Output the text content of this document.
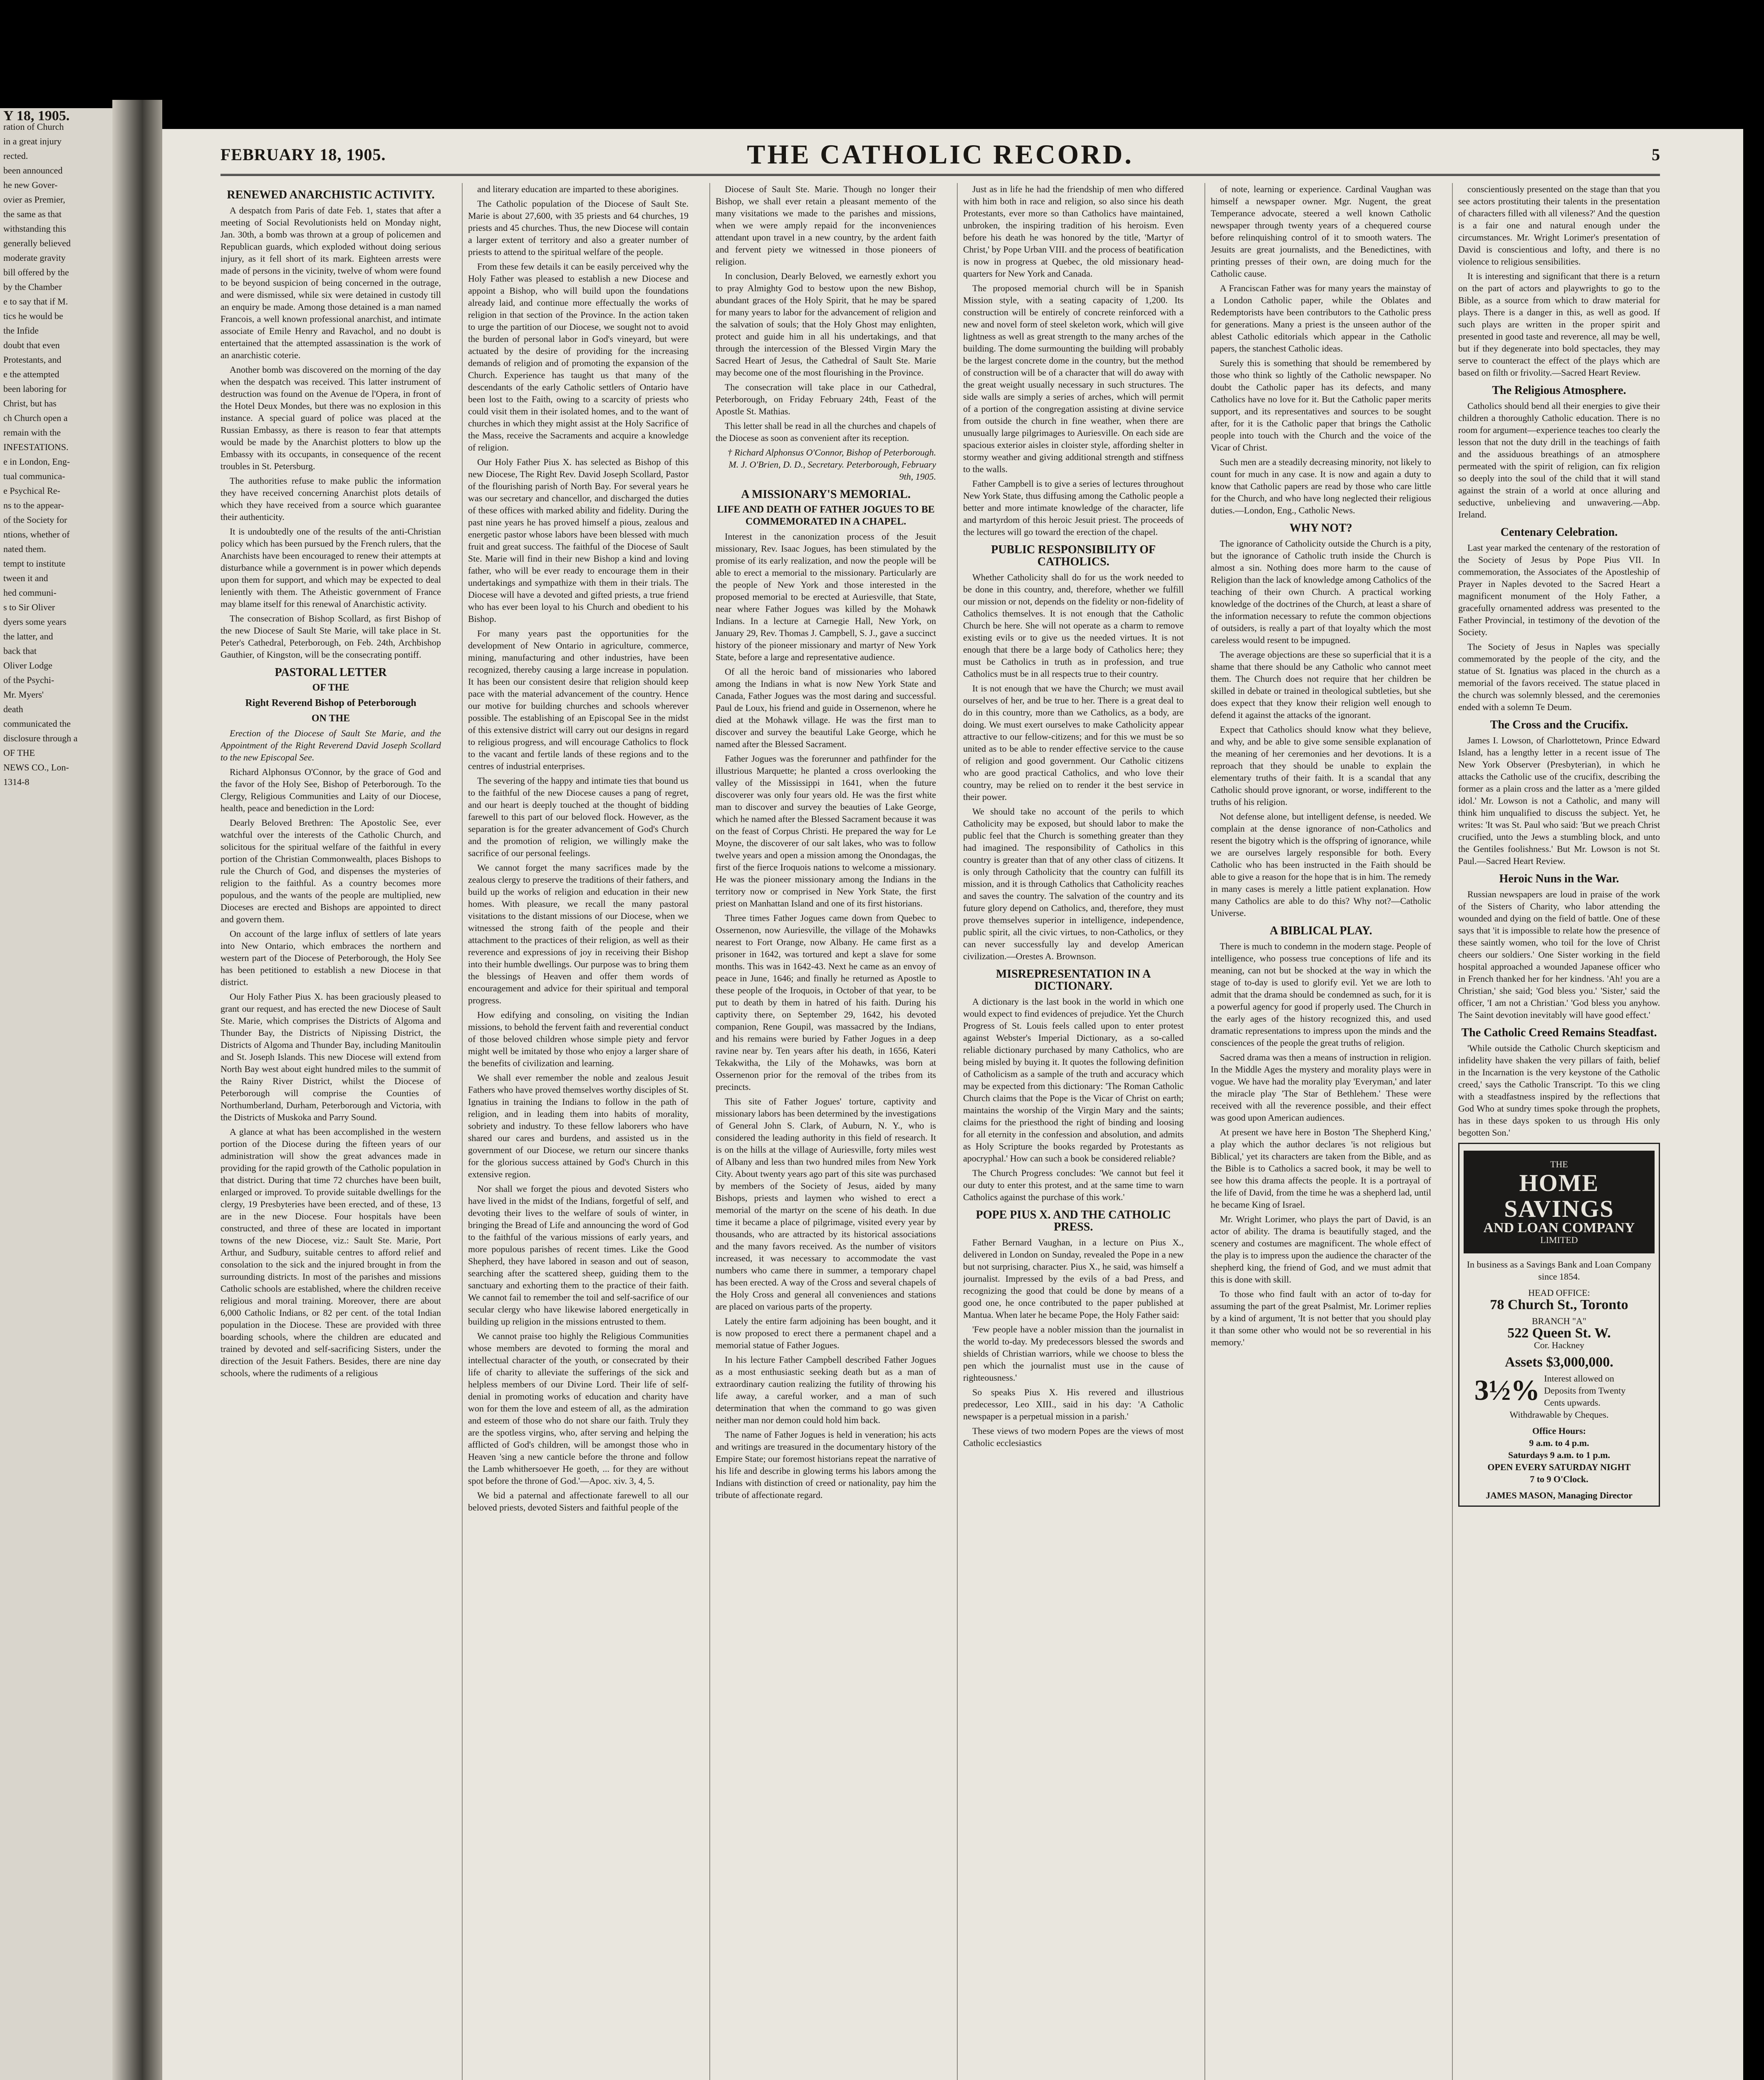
Y 18, 1905.

ration of Church

in a great injury

rected.

been announced

he new Gover-

ovier as Premier,

the same as that

withstanding this

generally believed

moderate gravity

bill offered by the

by the Chamber

e to say that if M.

tics he would be

the Infide

doubt that even

Protestants, and

e the attempted

been laboring for

Christ, but has

ch Church open a

remain with the

INFESTATIONS.

e in London, Eng-

tual communica-

e Psychical Re-

ns to the appear-

of the Society for

ntions, whether of

nated them.

tempt to institute

tween it and

hed communi-

s to Sir Oliver

dyers some years

the latter, and

back that

Oliver Lodge

of the Psychi-

Mr. Myers'

death

communicated the

disclosure through a

OF THE

NEWS CO., Lon-

1314-8

FEBRUARY 18, 1905.	THE CATHOLIC RECORD.	5
RENEWED ANARCHISTIC ACTIVITY.

A despatch from Paris of date Feb. 1, states that after a meeting of Social Revolutionists held on Monday night, Jan. 30th, a bomb was thrown at a group of policemen and Republican guards, which exploded without doing serious injury, as it fell short of its mark. Eighteen arrests were made of persons in the vicinity, twelve of whom were found to be beyond suspicion of being concerned in the outrage, and were dismissed, while six were detained in custody till an enquiry be made. Among those detained is a man named Francois, a well known professional anarchist, and intimate associate of Emile Henry and Ravachol, and no doubt is entertained that the attempted assassination is the work of an anarchistic coterie.

Another bomb was discovered on the morning of the day when the despatch was received. This latter instrument of destruction was found on the Avenue de l'Opera, in front of the Hotel Deux Mondes, but there was no explosion in this instance. A special guard of police was placed at the Russian Embassy, as there is reason to fear that attempts would be made by the Anarchist plotters to blow up the Embassy with its occupants, in consequence of the recent troubles in St. Petersburg.

The authorities refuse to make public the information they have received concerning Anarchist plots details of which they have received from a source which guarantee their authenticity.

It is undoubtedly one of the results of the anti-Christian policy which has been pursued by the French rulers, that the Anarchists have been encouraged to renew their attempts at disturbance while a government is in power which depends upon them for support, and which may be expected to deal leniently with them. The Atheistic government of France may blame itself for this renewal of Anarchistic activity.

The consecration of Bishop Scollard, as first Bishop of the new Diocese of Sault Ste Marie, will take place in St. Peter's Cathedral, Peterborough, on Feb. 24th, Archbishop Gauthier, of Kingston, will be the consecrating pontiff.

PASTORAL LETTER
OF THE
Right Reverend Bishop of Peterborough
ON THE

Erection of the Diocese of Sault Ste Marie, and the Appointment of the Right Reverend David Joseph Scollard to the new Episcopal See.

Richard Alphonsus O'Connor, by the grace of God and the favor of the Holy See, Bishop of Peterborough. To the Clergy, Religious Communities and Laity of our Diocese, health, peace and benediction in the Lord:

Dearly Beloved Brethren: The Apostolic See, ever watchful over the interests of the Catholic Church, and solicitous for the spiritual welfare of the faithful in every portion of the Christian Commonwealth, places Bishops to rule the Church of God, and dispenses the mysteries of religion to the faithful. As a country becomes more populous, and the wants of the people are multiplied, new Dioceses are erected and Bishops are appointed to direct and govern them.

On account of the large influx of settlers of late years into New Ontario, which embraces the northern and western part of the Diocese of Peterborough, the Holy See has been petitioned to establish a new Diocese in that district.

Our Holy Father Pius X. has been graciously pleased to grant our request, and has erected the new Diocese of Sault Ste. Marie, which comprises the Districts of Algoma and Thunder Bay, the Districts of Nipissing District, the Districts of Algoma and Thunder Bay, including Manitoulin and St. Joseph Islands. This new Diocese will extend from North Bay west about eight hundred miles to the summit of the Rainy River District, whilst the Diocese of Peterborough will comprise the Counties of Northumberland, Durham, Peterborough and Victoria, with the Districts of Muskoka and Parry Sound.

A glance at what has been accomplished in the western portion of the Diocese during the fifteen years of our administration will show the great advances made in providing for the rapid growth of the Catholic population in that district. During that time 72 churches have been built, enlarged or improved. To provide suitable dwellings for the clergy, 19 Presbyteries have been erected, and of these, 13 are in the new Diocese. Four hospitals have been constructed, and three of these are located in important towns of the new Diocese, viz.: Sault Ste. Marie, Port Arthur, and Sudbury, suitable centres to afford relief and consolation to the sick and the injured brought in from the surrounding districts. In most of the parishes and missions Catholic schools are established, where the children receive religious and moral training. Moreover, there are about 6,000 Catholic Indians, or 82 per cent. of the total Indian population in the Diocese. These are provided with three boarding schools, where the children are educated and trained by devoted and self-sacrificing Sisters, under the direction of the Jesuit Fathers. Besides, there are nine day schools, where the rudiments of a religious

and literary education are imparted to these aborigines.

The Catholic population of the Diocese of Sault Ste. Marie is about 27,600, with 35 priests and 64 churches, 19 priests and 45 churches. Thus, the new Diocese will contain a larger extent of territory and also a greater number of priests to attend to the spiritual welfare of the people.

From these few details it can be easily perceived why the Holy Father was pleased to establish a new Diocese and appoint a Bishop, who will build upon the foundations already laid, and continue more effectually the works of religion in that section of the Province. In the action taken to urge the partition of our Diocese, we sought not to avoid the burden of personal labor in God's vineyard, but were actuated by the desire of providing for the increasing demands of religion and of promoting the expansion of the Church. Experience has taught us that many of the descendants of the early Catholic settlers of Ontario have been lost to the Faith, owing to a scarcity of priests who could visit them in their isolated homes, and to the want of churches in which they might assist at the Holy Sacrifice of the Mass, receive the Sacraments and acquire a knowledge of religion.

Our Holy Father Pius X. has selected as Bishop of this new Diocese, The Right Rev. David Joseph Scollard, Pastor of the flourishing parish of North Bay. For several years he was our secretary and chancellor, and discharged the duties of these offices with marked ability and fidelity. During the past nine years he has proved himself a pious, zealous and energetic pastor whose labors have been blessed with much fruit and great success. The faithful of the Diocese of Sault Ste. Marie will find in their new Bishop a kind and loving father, who will be ever ready to encourage them in their undertakings and sympathize with them in their trials. The Diocese will have a devoted and gifted priests, a true friend who has ever been loyal to his Church and obedient to his Bishop.

For many years past the opportunities for the development of New Ontario in agriculture, commerce, mining, manufacturing and other industries, have been recognized, thereby causing a large increase in population. It has been our consistent desire that religion should keep pace with the material advancement of the country. Hence our motive for building churches and schools wherever possible. The establishing of an Episcopal See in the midst of this extensive district will carry out our designs in regard to religious progress, and will encourage Catholics to flock to the vacant and fertile lands of these regions and to the centres of industrial enterprises.

The severing of the happy and intimate ties that bound us to the faithful of the new Diocese causes a pang of regret, and our heart is deeply touched at the thought of bidding farewell to this part of our beloved flock. However, as the separation is for the greater advancement of God's Church and the promotion of religion, we willingly make the sacrifice of our personal feelings.

We cannot forget the many sacrifices made by the zealous clergy to preserve the traditions of their fathers, and build up the works of religion and education in their new homes. With pleasure, we recall the many pastoral visitations to the distant missions of our Diocese, when we witnessed the strong faith of the people and their attachment to the practices of their religion, as well as their reverence and expressions of joy in receiving their Bishop into their humble dwellings. Our purpose was to bring them the blessings of Heaven and offer them words of encouragement and advice for their spiritual and temporal progress.

How edifying and consoling, on visiting the Indian missions, to behold the fervent faith and reverential conduct of those beloved children whose simple piety and fervor might well be imitated by those who enjoy a larger share of the benefits of civilization and learning.

We shall ever remember the noble and zealous Jesuit Fathers who have proved themselves worthy disciples of St. Ignatius in training the Indians to follow in the path of religion, and in leading them into habits of morality, sobriety and industry. To these fellow laborers who have shared our cares and burdens, and assisted us in the government of our Diocese, we return our sincere thanks for the glorious success attained by God's Church in this extensive region.

Nor shall we forget the pious and devoted Sisters who have lived in the midst of the Indians, forgetful of self, and devoting their lives to the welfare of souls of winter, in bringing the Bread of Life and announcing the word of God to the faithful of the various missions of early years, and more populous parishes of recent times. Like the Good Shepherd, they have labored in season and out of season, searching after the scattered sheep, guiding them to the sanctuary and exhorting them to the practice of their faith. We cannot fail to remember the toil and self-sacrifice of our secular clergy who have likewise labored energetically in building up religion in the missions entrusted to them.

We cannot praise too highly the Religious Communities whose members are devoted to forming the moral and intellectual character of the youth, or consecrated by their life of charity to alleviate the sufferings of the sick and helpless members of our Divine Lord. Their life of self-denial in promoting works of education and charity have won for them the love and esteem of all, as the admiration and esteem of those who do not share our faith. Truly they are the spotless virgins, who, after serving and helping the afflicted of God's children, will be amongst those who in Heaven 'sing a new canticle before the throne and follow the Lamb whithersoever He goeth, ... for they are without spot before the throne of God.'—Apoc. xiv. 3, 4, 5.

We bid a paternal and affectionate farewell to all our beloved priests, devoted Sisters and faithful people of the

Diocese of Sault Ste. Marie. Though no longer their Bishop, we shall ever retain a pleasant memento of the many visitations we made to the parishes and missions, when we were amply repaid for the inconveniences attendant upon travel in a new country, by the ardent faith and fervent piety we witnessed in those pioneers of religion.

In conclusion, Dearly Beloved, we earnestly exhort you to pray Almighty God to bestow upon the new Bishop, abundant graces of the Holy Spirit, that he may be spared for many years to labor for the advancement of religion and the salvation of souls; that the Holy Ghost may enlighten, protect and guide him in all his undertakings, and that through the intercession of the Blessed Virgin Mary the Sacred Heart of Jesus, the Cathedral of Sault Ste. Marie may become one of the most flourishing in the Province.

The consecration will take place in our Cathedral, Peterborough, on Friday February 24th, Feast of the Apostle St. Mathias.

This letter shall be read in all the churches and chapels of the Diocese as soon as convenient after its reception.

† Richard Alphonsus O'Connor, Bishop of Peterborough. M. J. O'Brien, D. D., Secretary. Peterborough, February 9th, 1905.

A MISSIONARY'S MEMORIAL.
LIFE AND DEATH OF FATHER JOGUES TO BE COMMEMORATED IN A CHAPEL.

Interest in the canonization process of the Jesuit missionary, Rev. Isaac Jogues, has been stimulated by the promise of its early realization, and now the people will be able to erect a memorial to the missionary. Particularly are the people of New York and those interested in the proposed memorial to be erected at Auriesville, that State, near where Father Jogues was killed by the Mohawk Indians. In a lecture at Carnegie Hall, New York, on January 29, Rev. Thomas J. Campbell, S. J., gave a succinct history of the pioneer missionary and martyr of New York State, before a large and representative audience.

Of all the heroic band of missionaries who labored among the Indians in what is now New York State and Canada, Father Jogues was the most daring and successful. Paul de Loux, his friend and guide in Ossernenon, where he died at the Mohawk village. He was the first man to discover and survey the beautiful Lake George, which he named after the Blessed Sacrament.

Father Jogues was the forerunner and pathfinder for the illustrious Marquette; he planted a cross overlooking the valley of the Mississippi in 1641, when the future discoverer was only four years old. He was the first white man to discover and survey the beauties of Lake George, which he named after the Blessed Sacrament because it was on the feast of Corpus Christi. He prepared the way for Le Moyne, the discoverer of our salt lakes, who was to follow twelve years and open a mission among the Onondagas, the first of the fierce Iroquois nations to welcome a missionary. He was the pioneer missionary among the Indians in the territory now or comprised in New York State, the first priest on Manhattan Island and one of its first historians.

Three times Father Jogues came down from Quebec to Ossernenon, now Auriesville, the village of the Mohawks nearest to Fort Orange, now Albany. He came first as a prisoner in 1642, was tortured and kept a slave for some months. This was in 1642-43. Next he came as an envoy of peace in June, 1646; and finally he returned as Apostle to these people of the Iroquois, in October of that year, to be put to death by them in hatred of his faith. During his captivity there, on September 29, 1642, his devoted companion, Rene Goupil, was massacred by the Indians, and his remains were buried by Father Jogues in a deep ravine near by. Ten years after his death, in 1656, Kateri Tekakwitha, the Lily of the Mohawks, was born at Ossernenon prior for the removal of the tribes from its precincts.

This site of Father Jogues' torture, captivity and missionary labors has been determined by the investigations of General John S. Clark, of Auburn, N. Y., who is considered the leading authority in this field of research. It is on the hills at the village of Auriesville, forty miles west of Albany and less than two hundred miles from New York City. About twenty years ago part of this site was purchased by members of the Society of Jesus, aided by many Bishops, priests and laymen who wished to erect a memorial of the martyr on the scene of his death. In due time it became a place of pilgrimage, visited every year by thousands, who are attracted by its historical associations and the many favors received. As the number of visitors increased, it was necessary to accommodate the vast numbers who came there in summer, a temporary chapel has been erected. A way of the Cross and several chapels of the Holy Cross and general all conveniences and stations are placed on various parts of the property.

Lately the entire farm adjoining has been bought, and it is now proposed to erect there a permanent chapel and a memorial statue of Father Jogues.

In his lecture Father Campbell described Father Jogues as a most enthusiastic seeking death but as a man of extraordinary caution realizing the futility of throwing his life away, a careful worker, and a man of such determination that when the command to go was given neither man nor demon could hold him back.

The name of Father Jogues is held in veneration; his acts and writings are treasured in the documentary history of the Empire State; our foremost historians repeat the narrative of his life and describe in glowing terms his labors among the Indians with distinction of creed or nationality, pay him the tribute of affectionate regard.

Just as in life he had the friendship of men who differed with him both in race and religion, so also since his death Protestants, ever more so than Catholics have maintained, unbroken, the inspiring tradition of his heroism. Even before his death he was honored by the title, 'Martyr of Christ,' by Pope Urban VIII. and the process of beatification is now in progress at Quebec, the old missionary head-quarters for New York and Canada.

The proposed memorial church will be in Spanish Mission style, with a seating capacity of 1,200. Its construction will be entirely of concrete reinforced with a new and novel form of steel skeleton work, which will give lightness as well as great strength to the many arches of the building. The dome surmounting the building will probably be the largest concrete dome in the country, but the method of construction will be of a character that will do away with the great weight usually necessary in such structures. The side walls are simply a series of arches, which will permit of a portion of the congregation assisting at divine service from outside the church in fine weather, when there are unusually large pilgrimages to Auriesville. On each side are spacious exterior aisles in cloister style, affording shelter in stormy weather and giving additional strength and stiffness to the walls.

Father Campbell is to give a series of lectures throughout New York State, thus diffusing among the Catholic people a better and more intimate knowledge of the character, life and martyrdom of this heroic Jesuit priest. The proceeds of the lectures will go toward the erection of the chapel.

PUBLIC RESPONSIBILITY OF CATHOLICS.

Whether Catholicity shall do for us the work needed to be done in this country, and, therefore, whether we fulfill our mission or not, depends on the fidelity or non-fidelity of Catholics themselves. It is not enough that the Catholic Church be here. She will not operate as a charm to remove existing evils or to give us the needed virtues. It is not enough that there be a large body of Catholics here; they must be Catholics in truth as in profession, and true Catholics must be in all respects true to their country.

It is not enough that we have the Church; we must avail ourselves of her, and be true to her. There is a great deal to do in this country, more than we Catholics, as a body, are doing. We must exert ourselves to make Catholicity appear attractive to our fellow-citizens; and for this we must be so united as to be able to render effective service to the cause of religion and good government. Our Catholic citizens who are good practical Catholics, and who love their country, may be relied on to render it the best service in their power.

We should take no account of the perils to which Catholicity may be exposed, but should labor to make the public feel that the Church is something greater than they had imagined. The responsibility of Catholics in this country is greater than that of any other class of citizens. It is only through Catholicity that the country can fulfill its mission, and it is through Catholics that Catholicity reaches and saves the country. The salvation of the country and its future glory depend on Catholics, and, therefore, they must prove themselves superior in intelligence, independence, public spirit, all the civic virtues, to non-Catholics, or they can never successfully lay and develop American civilization.—Orestes A. Brownson.

MISREPRESENTATION IN A DICTIONARY.

A dictionary is the last book in the world in which one would expect to find evidences of prejudice. Yet the Church Progress of St. Louis feels called upon to enter protest against Webster's Imperial Dictionary, as a so-called reliable dictionary purchased by many Catholics, who are being misled by buying it. It quotes the following definition of Catholicism as a sample of the truth and accuracy which may be expected from this dictionary: 'The Roman Catholic Church claims that the Pope is the Vicar of Christ on earth; maintains the worship of the Virgin Mary and the saints; claims for the priesthood the right of binding and loosing for all eternity in the confession and absolution, and admits as Holy Scripture the books regarded by Protestants as apocryphal.' How can such a book be considered reliable?

The Church Progress concludes: 'We cannot but feel it our duty to enter this protest, and at the same time to warn Catholics against the purchase of this work.'

POPE PIUS X. AND THE CATHOLIC PRESS.

Father Bernard Vaughan, in a lecture on Pius X., delivered in London on Sunday, revealed the Pope in a new but not surprising, character. Pius X., he said, was himself a journalist. Impressed by the evils of a bad Press, and recognizing the good that could be done by means of a good one, he once contributed to the paper published at Mantua. When later he became Pope, the Holy Father said:

'Few people have a nobler mission than the journalist in the world to-day. My predecessors blessed the swords and shields of Christian warriors, while we choose to bless the pen which the journalist must use in the cause of righteousness.'

So speaks Pius X. His revered and illustrious predecessor, Leo XIII., said in his day: 'A Catholic newspaper is a perpetual mission in a parish.'

These views of two modern Popes are the views of most Catholic ecclesiastics

of note, learning or experience. Cardinal Vaughan was himself a newspaper owner. Mgr. Nugent, the great Temperance advocate, steered a well known Catholic newspaper through twenty years of a chequered course before relinquishing control of it to smooth waters. The Jesuits are great journalists, and the Benedictines, with printing presses of their own, are doing much for the Catholic cause.

A Franciscan Father was for many years the mainstay of a London Catholic paper, while the Oblates and Redemptorists have been contributors to the Catholic press for generations. Many a priest is the unseen author of the ablest Catholic editorials which appear in the Catholic papers, the stanchest Catholic ideas.

Surely this is something that should be remembered by those who think so lightly of the Catholic newspaper. No doubt the Catholic paper has its defects, and many Catholics have no love for it. But the Catholic paper merits support, and its representatives and sources to be sought after, for it is the Catholic paper that brings the Catholic people into touch with the Church and the voice of the Vicar of Christ.

Such men are a steadily decreasing minority, not likely to count for much in any case. It is now and again a duty to know that Catholic papers are read by those who care little for the Church, and who have long neglected their religious duties.—London, Eng., Catholic News.

WHY NOT?

The ignorance of Catholicity outside the Church is a pity, but the ignorance of Catholic truth inside the Church is almost a sin. Nothing does more harm to the cause of Religion than the lack of knowledge among Catholics of the teaching of their own Church. A practical working knowledge of the doctrines of the Church, at least a share of the information necessary to refute the common objections of outsiders, is really a part of that loyalty which the most careless would resent to be impugned.

The average objections are these so superficial that it is a shame that there should be any Catholic who cannot meet them. The Church does not require that her children be skilled in debate or trained in theological subtleties, but she does expect that they know their religion well enough to defend it against the attacks of the ignorant.

Expect that Catholics should know what they believe, and why, and be able to give some sensible explanation of the meaning of her ceremonies and her devotions. It is a reproach that they should be unable to explain the elementary truths of their faith. It is a scandal that any Catholic should prove ignorant, or worse, indifferent to the truths of his religion.

Not defense alone, but intelligent defense, is needed. We complain at the dense ignorance of non-Catholics and resent the bigotry which is the offspring of ignorance, while we are ourselves largely responsible for both. Every Catholic who has been instructed in the Faith should be able to give a reason for the hope that is in him. The remedy in many cases is merely a little patient explanation. How many Catholics are able to do this? Why not?—Catholic Universe.

A BIBLICAL PLAY.

There is much to condemn in the modern stage. People of intelligence, who possess true conceptions of life and its meaning, can not but be shocked at the way in which the stage of to-day is used to glorify evil. Yet we are loth to admit that the drama should be condemned as such, for it is a powerful agency for good if properly used. The Church in the early ages of the history recognized this, and used dramatic representations to impress upon the minds and the consciences of the people the great truths of religion.

Sacred drama was then a means of instruction in religion. In the Middle Ages the mystery and morality plays were in vogue. We have had the morality play 'Everyman,' and later the miracle play 'The Star of Bethlehem.' These were received with all the reverence possible, and their effect was good upon American audiences.

At present we have here in Boston 'The Shepherd King,' a play which the author declares 'is not religious but Biblical,' yet its characters are taken from the Bible, and as the Bible is to Catholics a sacred book, it may be well to see how this drama affects the people. It is a portrayal of the life of David, from the time he was a shepherd lad, until he became King of Israel.

Mr. Wright Lorimer, who plays the part of David, is an actor of ability. The drama is beautifully staged, and the scenery and costumes are magnificent. The whole effect of the play is to impress upon the audience the character of the shepherd king, the friend of God, and we must admit that this is done with skill.

To those who find fault with an actor of to-day for assuming the part of the great Psalmist, Mr. Lorimer replies by a kind of argument, 'It is not better that you should play it than some other who would not be so reverential in his memory.'

conscientiously presented on the stage than that you see actors prostituting their talents in the presentation of characters filled with all vileness?' And the question is a fair one and natural enough under the circumstances. Mr. Wright Lorimer's presentation of David is conscientious and lofty, and there is no violence to religious sensibilities.

It is interesting and significant that there is a return on the part of actors and playwrights to go to the Bible, as a source from which to draw material for plays. There is a danger in this, as well as good. If such plays are written in the proper spirit and presented in good taste and reverence, all may be well, but if they degenerate into bold spectacles, they may serve to counteract the effect of the plays which are based on filth or frivolity.—Sacred Heart Review.

The Religious Atmosphere.

Catholics should bend all their energies to give their children a thoroughly Catholic education. There is no room for argument—experience teaches too clearly the lesson that not the duty drill in the teachings of faith and the assiduous breathings of an atmosphere permeated with the spirit of religion, can fix religion so deeply into the soul of the child that it will stand against the strain of a world at once alluring and seductive, unbelieving and unwavering.—Abp. Ireland.

Centenary Celebration.

Last year marked the centenary of the restoration of the Society of Jesus by Pope Pius VII. In commemoration, the Associates of the Apostleship of Prayer in Naples devoted to the Sacred Heart a magnificent monument of the Holy Father, a gracefully ornamented address was presented to the Father Provincial, in testimony of the devotion of the Society.

The Society of Jesus in Naples was specially commemorated by the people of the city, and the statue of St. Ignatius was placed in the church as a memorial of the favors received. The statue placed in the church was solemnly blessed, and the ceremonies ended with a solemn Te Deum.

The Cross and the Crucifix.

James I. Lowson, of Charlottetown, Prince Edward Island, has a lengthy letter in a recent issue of The New York Observer (Presbyterian), in which he attacks the Catholic use of the crucifix, describing the former as a plain cross and the latter as a 'mere gilded idol.' Mr. Lowson is not a Catholic, and many will think him unqualified to discuss the subject. Yet, he writes: 'It was St. Paul who said: 'But we preach Christ crucified, unto the Jews a stumbling block, and unto the Gentiles foolishness.' But Mr. Lowson is not St. Paul.—Sacred Heart Review.

Heroic Nuns in the War.

Russian newspapers are loud in praise of the work of the Sisters of Charity, who labor attending the wounded and dying on the field of battle. One of these says that 'it is impossible to relate how the presence of these saintly women, who toil for the love of Christ cheers our soldiers.' One Sister working in the field hospital approached a wounded Japanese officer who in French thanked her for her kindness. 'Ah! you are a Christian,' she said; 'God bless you.' 'Sister,' said the officer, 'I am not a Christian.' 'God bless you anyhow. The Saint devotion inevitably will have good effect.'

The Catholic Creed Remains Steadfast.

'While outside the Catholic Church skepticism and infidelity have shaken the very pillars of faith, belief in the Incarnation is the very keystone of the Catholic creed,' says the Catholic Transcript. 'To this we cling with a steadfastness inspired by the reflections that God Who at sundry times spoke through the prophets, has in these days spoken to us through His only begotten Son.'

THE
HOME SAVINGS
AND LOAN COMPANY
LIMITED
In business as a Savings Bank and Loan Company since 1854.
HEAD OFFICE:
78 Church St., Toronto
BRANCH "A"
522 Queen St. W.
Cor. Hackney
Assets $3,000,000.
3½% Interest allowed on Deposits from Twenty Cents upwards.
Withdrawable by Cheques.
Office Hours:
9 a.m. to 4 p.m.
Saturdays 9 a.m. to 1 p.m.
OPEN EVERY SATURDAY NIGHT
7 to 9 O'Clock.
JAMES MASON, Managing Director
